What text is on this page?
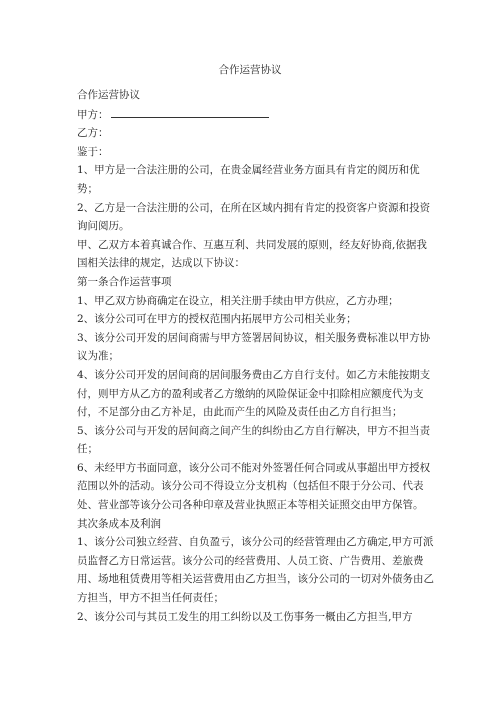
合作运营协议

合作运营协议

甲方：

乙方：

鉴于：

1、甲方是一合法注册的公司，在贵金属经营业务方面具有肯定的阅历和优势；

2、乙方是一合法注册的公司，在所在区域内拥有肯定的投资客户资源和投资询问阅历。

甲、乙双方本着真诚合作、互惠互利、共同发展的原则，经友好协商,依据我国相关法律的规定，达成以下协议：

第一条合作运营事项

1、甲乙双方协商确定在设立，相关注册手续由甲方供应，乙方办理；

2、该分公司可在甲方的授权范围内拓展甲方公司相关业务；

3、该分公司开发的居间商需与甲方签署居间协议，相关服务费标准以甲方协议为准；

4、该分公司开发的居间商的居间服务费由乙方自行支付。如乙方未能按期支付，则甲方从乙方的盈利或者乙方缴纳的风险保证金中扣除相应额度代为支付，不足部分由乙方补足，由此而产生的风险及责任由乙方自行担当；

5、该分公司与开发的居间商之间产生的纠纷由乙方自行解决，甲方不担当责任；

6、未经甲方书面同意，该分公司不能对外签署任何合同或从事超出甲方授权范围以外的活动。该分公司不得设立分支机构（包括但不限于分公司、代表处、营业部等该分公司各种印章及营业执照正本等相关证照交由甲方保管。

其次条成本及利润

1、该分公司独立经营、自负盈亏，该分公司的经营管理由乙方确定,甲方可派员监督乙方日常运营。该分公司的经营费用、人员工资、广告费用、差旅费用、场地租赁费用等相关运营费用由乙方担当，该分公司的一切对外债务由乙方担当，甲方不担当任何责任；

2、该分公司与其员工发生的用工纠纷以及工伤事务一概由乙方担当,甲方
